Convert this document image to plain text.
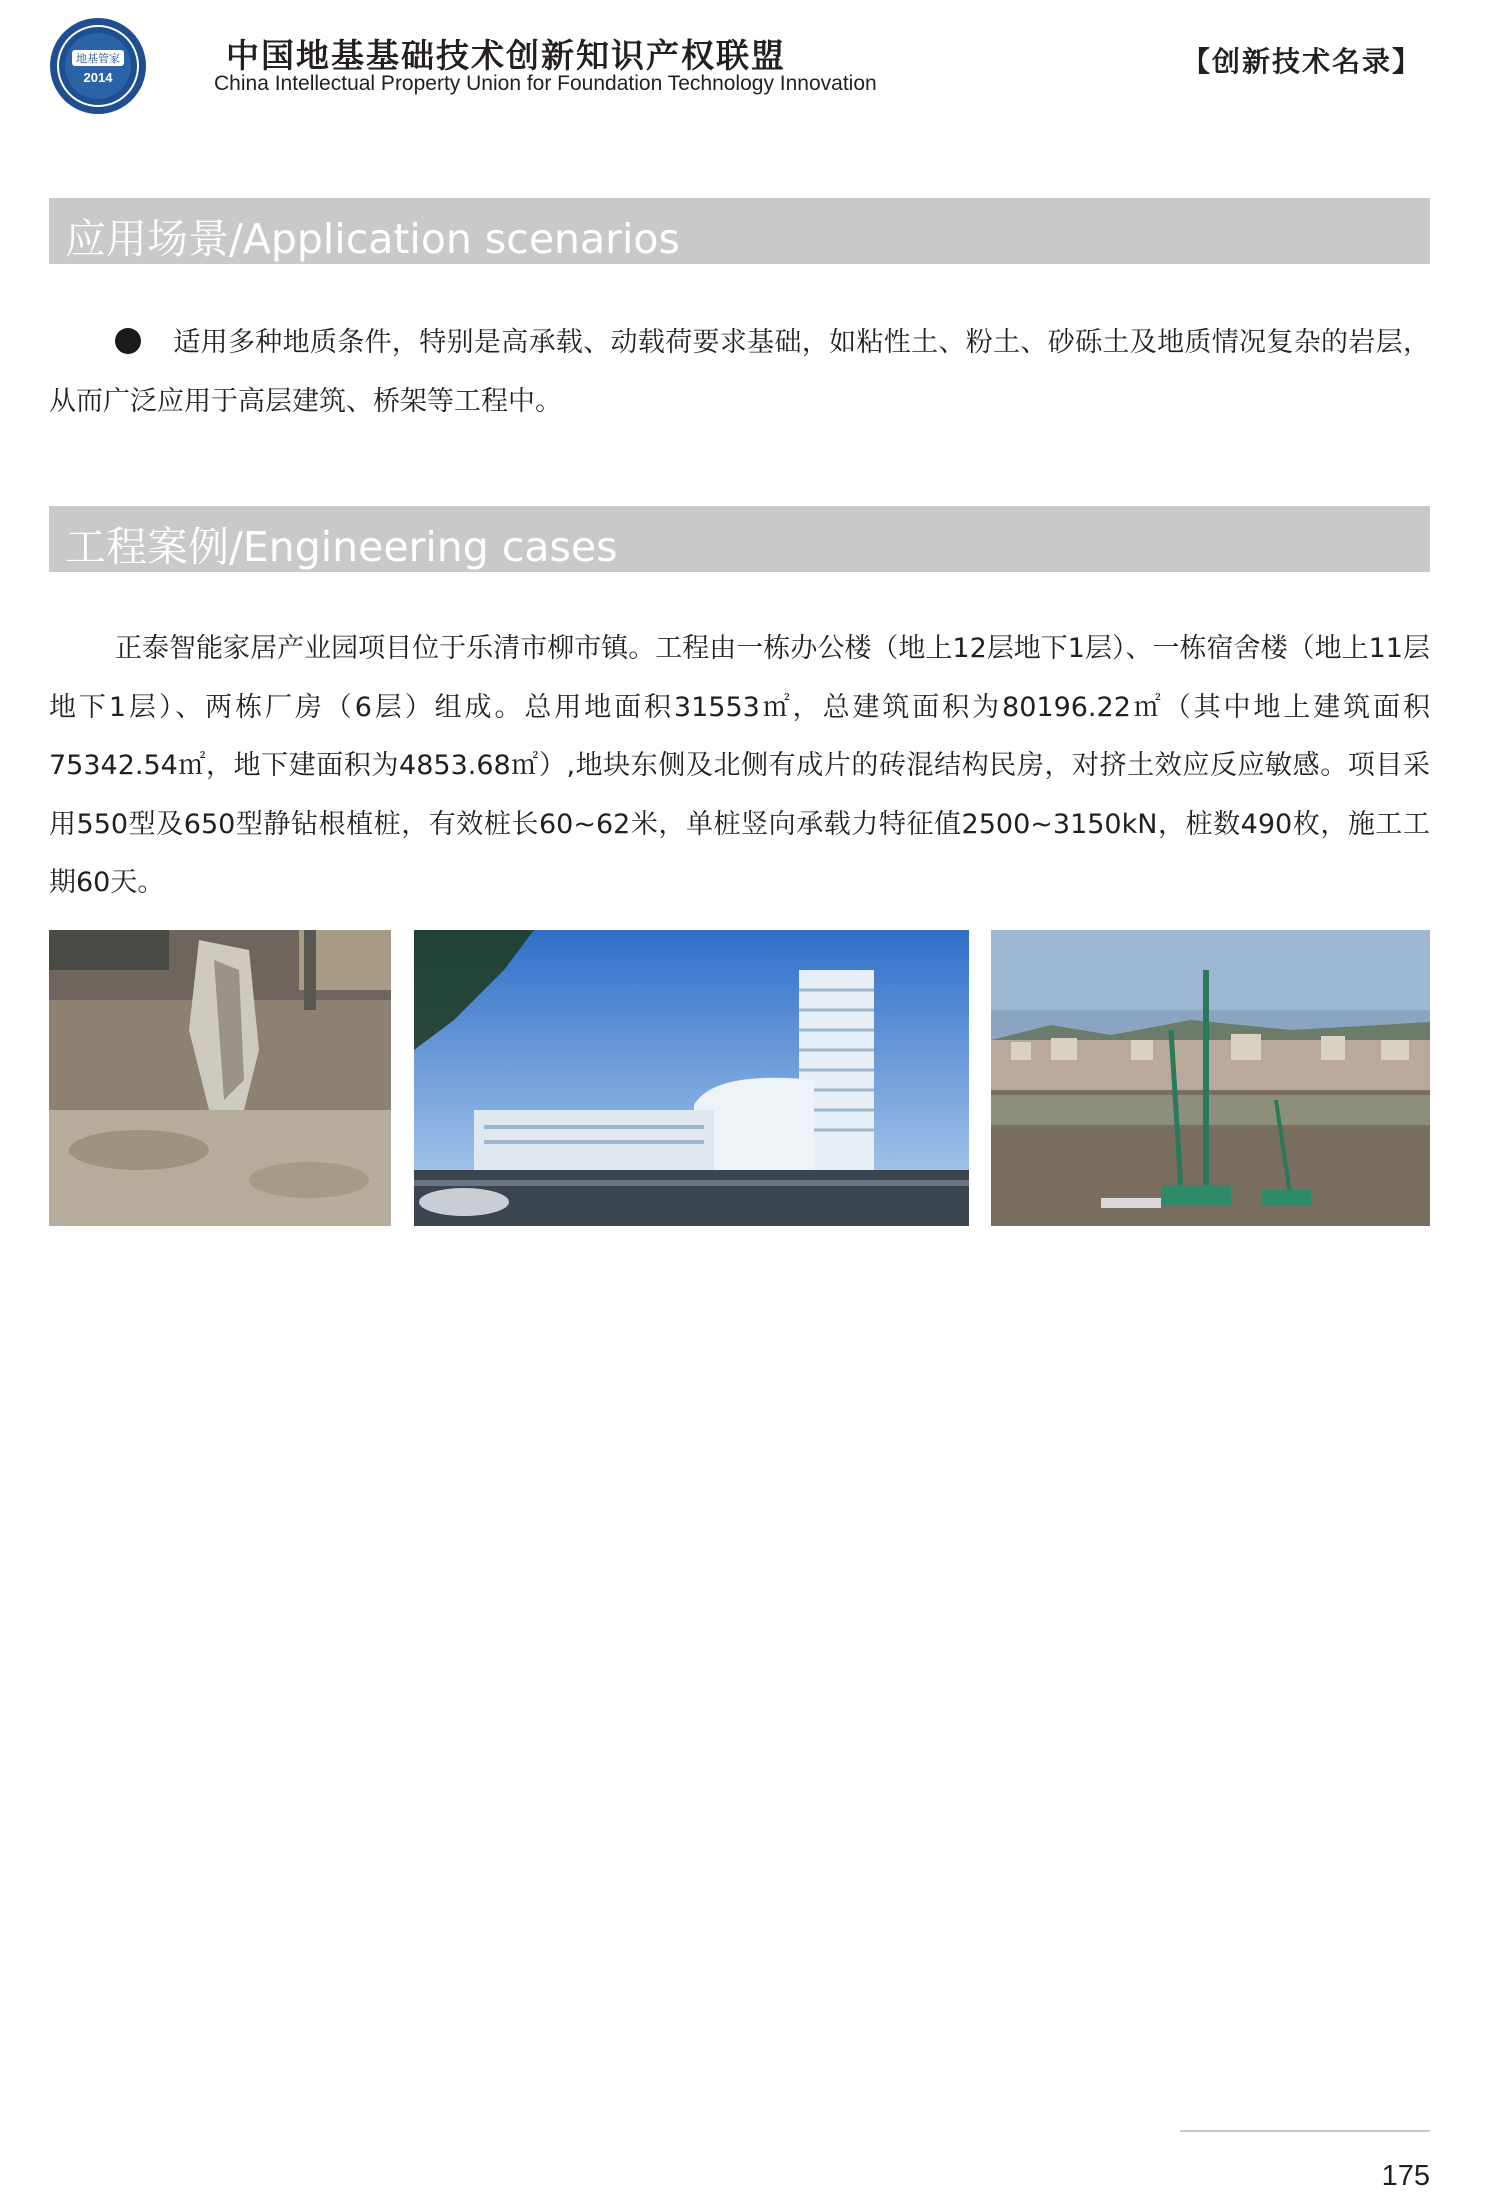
地基管家
2014
中国地基基础技术创新知识产权联盟
China Intellectual Property Union for Foundation Technology Innovation
【创新技术名录】
应用场景/Application scenarios

适用多种地质条件，特别是高承载、动载荷要求基础，如粘性土、粉土、砂砾土及地质情况复杂的岩层，从而广泛应用于高层建筑、桥架等工程中。

工程案例/Engineering cases

正泰智能家居产业园项目位于乐清市柳市镇。工程由一栋办公楼（地上12层地下1层）、一栋宿舍楼（地上11层地下1层）、两栋厂房（6层）组成。总用地面积31553㎡，总建筑面积为80196.22㎡（其中地上建筑面积75342.54㎡，地下建面积为4853.68㎡）,地块东侧及北侧有成片的砖混结构民房，对挤土效应反应敏感。项目采用550型及650型静钻根植桩，有效桩长60~62米，单桩竖向承载力特征值2500~3150kN，桩数490枚，施工工期60天。

175
